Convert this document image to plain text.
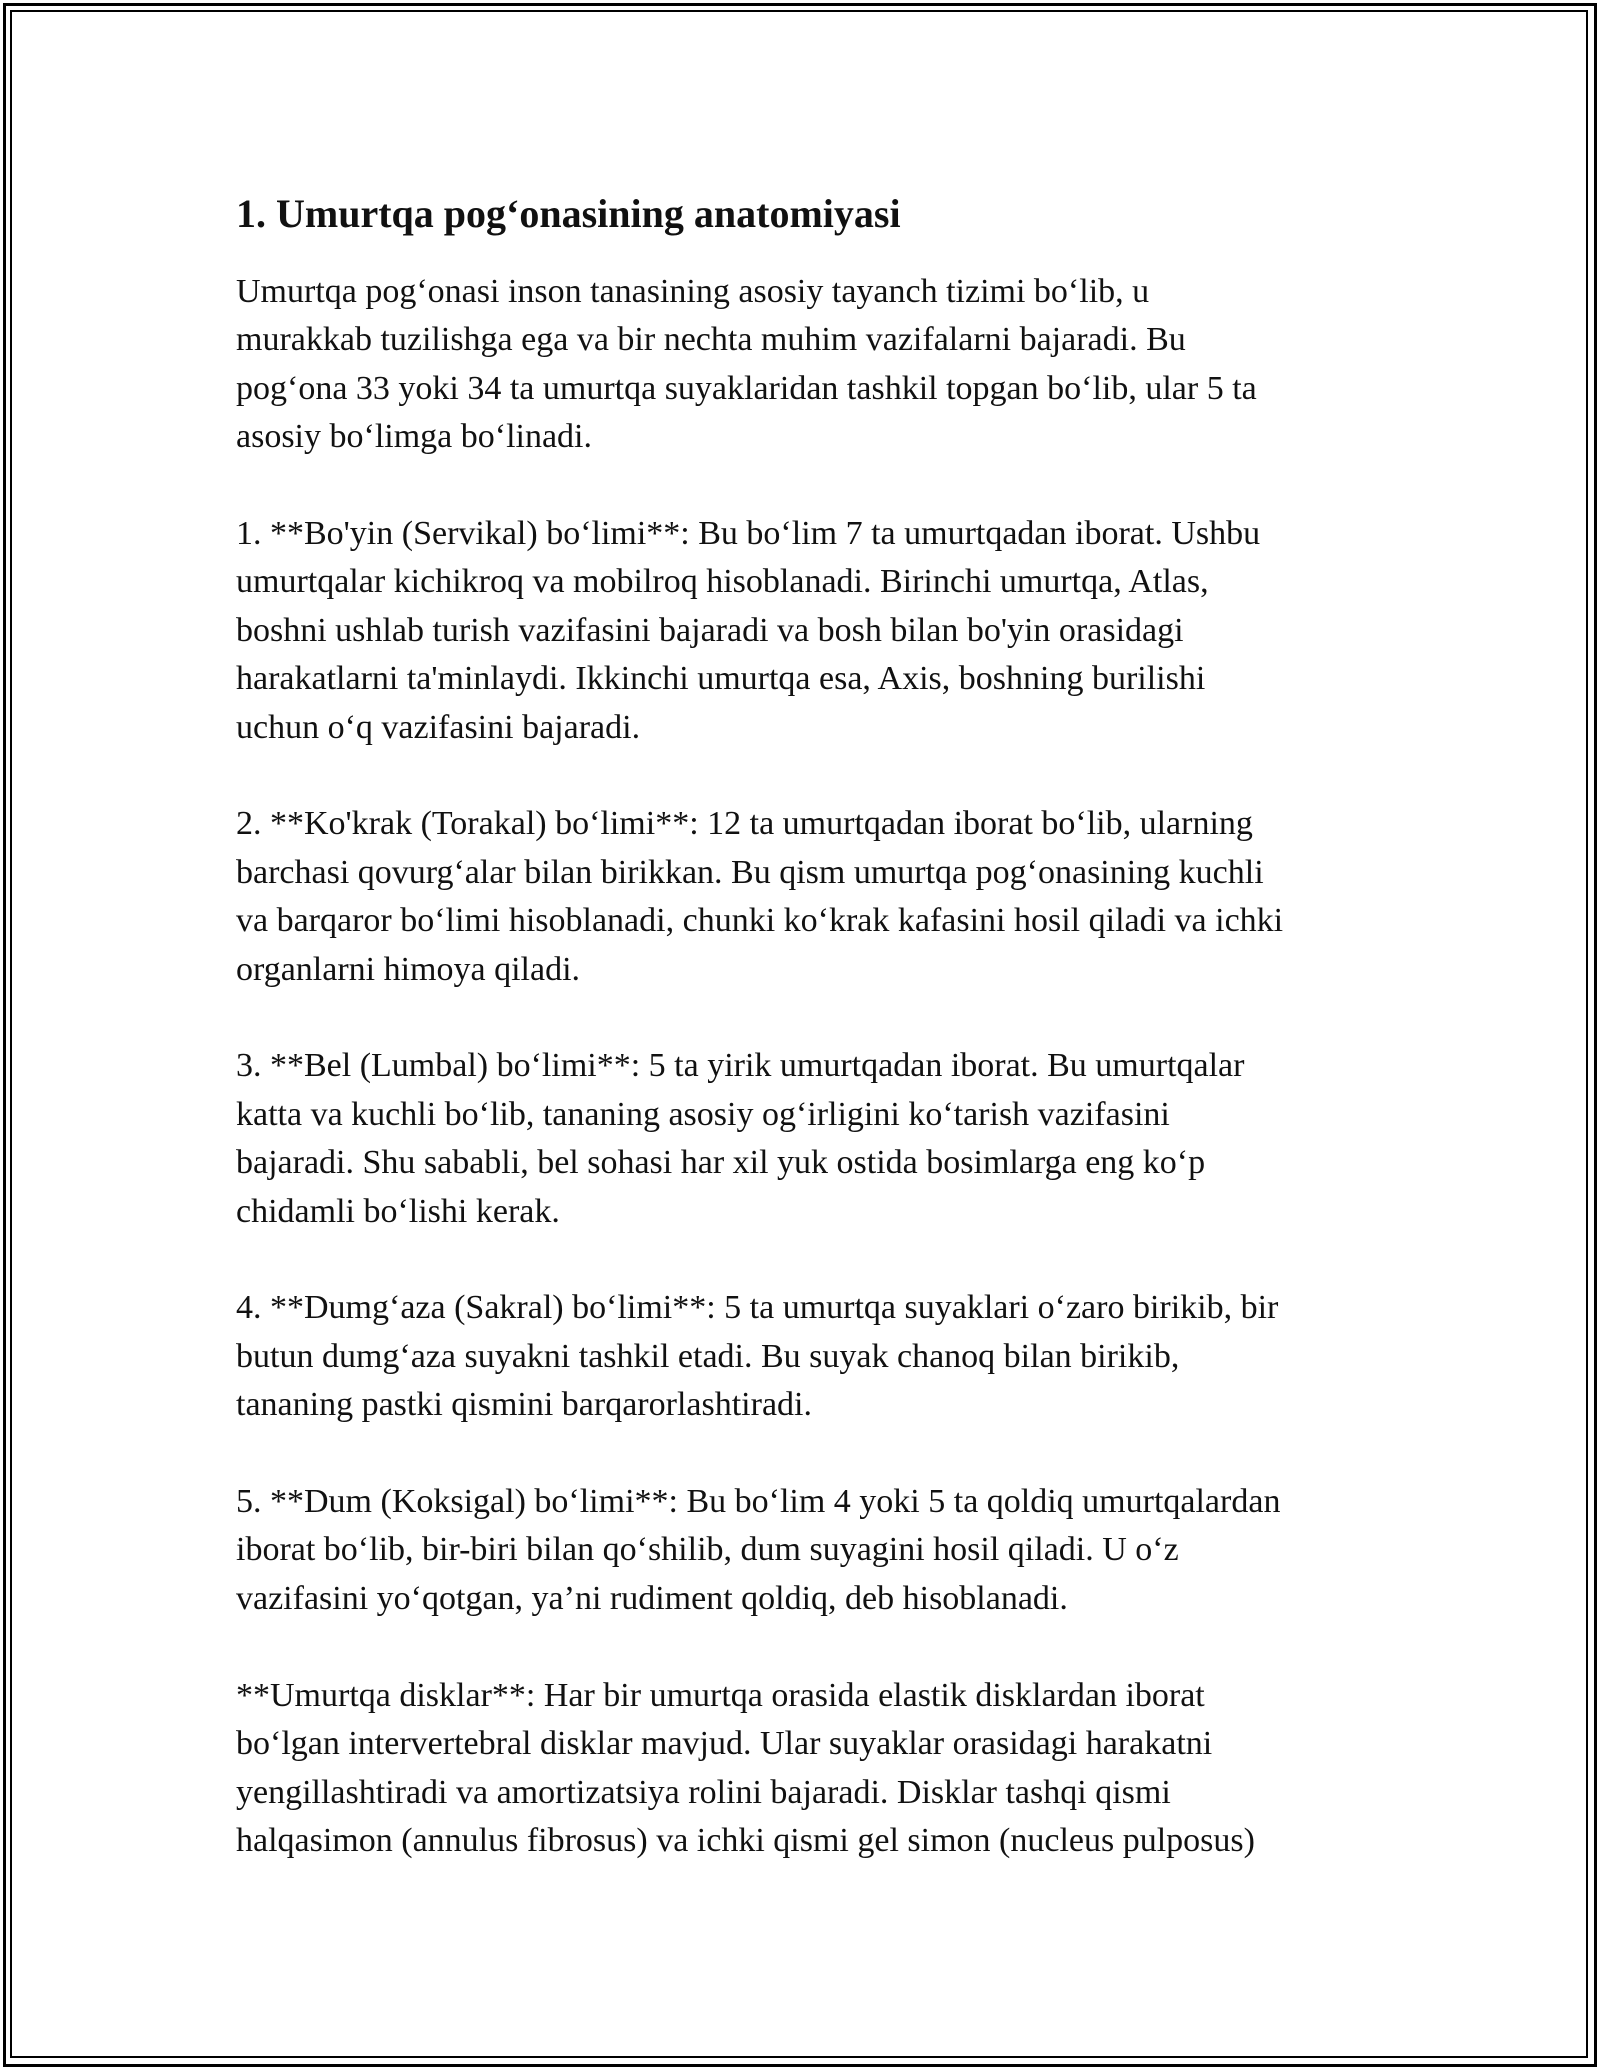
1. Umurtqa pog‘onasining anatomiyasi

Umurtqa pog‘onasi inson tanasining asosiy tayanch tizimi bo‘lib, u
murakkab tuzilishga ega va bir nechta muhim vazifalarni bajaradi. Bu
pog‘ona 33 yoki 34 ta umurtqa suyaklaridan tashkil topgan bo‘lib, ular 5 ta
asosiy bo‘limga bo‘linadi.

1. **Bo'yin (Servikal) bo‘limi**: Bu bo‘lim 7 ta umurtqadan iborat. Ushbu
umurtqalar kichikroq va mobilroq hisoblanadi. Birinchi umurtqa, Atlas,
boshni ushlab turish vazifasini bajaradi va bosh bilan bo'yin orasidagi
harakatlarni ta'minlaydi. Ikkinchi umurtqa esa, Axis, boshning burilishi
uchun o‘q vazifasini bajaradi.

2. **Ko'krak (Torakal) bo‘limi**: 12 ta umurtqadan iborat bo‘lib, ularning
barchasi qovurg‘alar bilan birikkan. Bu qism umurtqa pog‘onasining kuchli
va barqaror bo‘limi hisoblanadi, chunki ko‘krak kafasini hosil qiladi va ichki
organlarni himoya qiladi.

3. **Bel (Lumbal) bo‘limi**: 5 ta yirik umurtqadan iborat. Bu umurtqalar
katta va kuchli bo‘lib, tananing asosiy og‘irligini ko‘tarish vazifasini
bajaradi. Shu sababli, bel sohasi har xil yuk ostida bosimlarga eng ko‘p
chidamli bo‘lishi kerak.

4. **Dumg‘aza (Sakral) bo‘limi**: 5 ta umurtqa suyaklari o‘zaro birikib, bir
butun dumg‘aza suyakni tashkil etadi. Bu suyak chanoq bilan birikib,
tananing pastki qismini barqarorlashtiradi.

5. **Dum (Koksigal) bo‘limi**: Bu bo‘lim 4 yoki 5 ta qoldiq umurtqalardan
iborat bo‘lib, bir-biri bilan qo‘shilib, dum suyagini hosil qiladi. U o‘z
vazifasini yo‘qotgan, ya’ni rudiment qoldiq, deb hisoblanadi.

**Umurtqa disklar**: Har bir umurtqa orasida elastik disklardan iborat
bo‘lgan intervertebral disklar mavjud. Ular suyaklar orasidagi harakatni
yengillashtiradi va amortizatsiya rolini bajaradi. Disklar tashqi qismi
halqasimon (annulus fibrosus) va ichki qismi gel simon (nucleus pulposus)
